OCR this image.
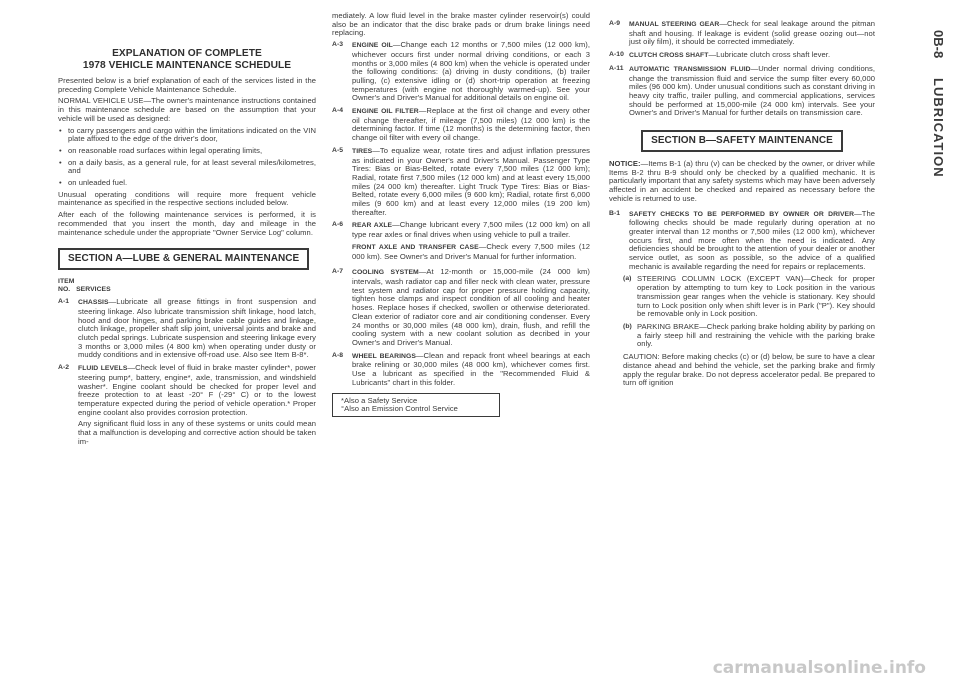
0B-8
LUBRICATION
EXPLANATION OF COMPLETE
1978 VEHICLE MAINTENANCE SCHEDULE

Presented below is a brief explanation of each of the services listed in the preceding Complete Vehicle Maintenance Schedule.

NORMAL VEHICLE USE—The owner's maintenance instructions contained in this maintenance schedule are based on the assumption that your vehicle will be used as designed:

• to carry passengers and cargo within the limitations indicated on the VIN plate affixed to the edge of the driver's door,
• on reasonable road surfaces within legal operating limits,
• on a daily basis, as a general rule, for at least several miles/kilometres, and
• on unleaded fuel.

Unusual operating conditions will require more frequent vehicle maintenance as specified in the respective sections included below.

After each of the following maintenance services is performed, it is recommended that you insert the month, day and mileage in the maintenance schedule under the appropriate "Owner Service Log" column.

SECTION A—LUBE & GENERAL MAINTENANCE
ITEM
NO. SERVICES
A-1	CHASSIS—Lubricate all grease fittings in front suspension and steering linkage. Also lubricate transmission shift linkage, hood latch, hood and door hinges, and parking brake cable guides and linkage, clutch linkage, propeller shaft slip joint, universal joints and brake and clutch pedal springs. Lubricate suspension and steering linkage every 3 months or 3,000 miles (4 800 km) when operating under dusty or muddy conditions and in extensive off-road use. Also see Item B-8*.
A-2	FLUID LEVELS—Check level of fluid in brake master cylinder*, power steering pump*, battery, engine*, axle, transmission, and windshield washer*. Engine coolant should be checked for proper level and freeze protection to at least -20° F (-29° C) or to the lowest temperature expected during the period of vehicle operation.* Proper engine coolant also provides corrosion protection.

Any significant fluid loss in any of these systems or units could mean that a malfunction is developing and corrective action should be taken im-

mediately. A low fluid level in the brake master cylinder reservoir(s) could also be an indicator that the disc brake pads or drum brake linings need replacing.

A-3	ENGINE OIL—Change each 12 months or 7,500 miles (12 000 km), whichever occurs first under normal driving conditions, or each 3 months or 3,000 miles (4 800 km) when the vehicle is operated under the following conditions: (a) driving in dusty conditions, (b) trailer pulling, (c) extensive idling or (d) short-trip operation at freezing temperatures (with engine not thoroughly warmed-up). See your Owner's and Driver's Manual for additional details on engine oil.
A-4	ENGINE OIL FILTER—Replace at the first oil change and every other oil change thereafter, if mileage (7,500 miles) (12 000 km) is the determining factor. If time (12 months) is the determining factor, then change oil filter with every oil change.
A-5	TIRES—To equalize wear, rotate tires and adjust inflation pressures as indicated in your Owner's and Driver's Manual. Passenger Type Tires: Bias or Bias-Belted, rotate every 7,500 miles (12 000 km); Radial, rotate first 7,500 miles (12 000 km) and at least every 15,000 miles (24 000 km) thereafter. Light Truck Type Tires: Bias or Bias-Belted, rotate every 6,000 miles (9 600 km); Radial, rotate first 6,000 miles (9 600 km) and at least every 12,000 miles (19 200 km) thereafter.
A-6	REAR AXLE—Change lubricant every 7,500 miles (12 000 km) on all type rear axles or final drives when using vehicle to pull a trailer.

FRONT AXLE AND TRANSFER CASE—Check every 7,500 miles (12 000 km). See Owner's and Driver's Manual for further information.

A-7	COOLING SYSTEM—At 12-month or 15,000-mile (24 000 km) intervals, wash radiator cap and filler neck with clean water, pressure test system and radiator cap for proper pressure holding capacity, tighten hose clamps and inspect condition of all cooling and heater hoses. Replace hoses if checked, swollen or otherwise deteriorated. Clean exterior of radiator core and air conditioning condenser. Every 24 months or 30,000 miles (48 000 km), drain, flush, and refill the cooling system with a new coolant solution as decribed in your Owner's and Driver's Manual.
A-8	WHEEL BEARINGS—Clean and repack front wheel bearings at each brake relining or 30,000 miles (48 000 km), whichever comes first. Use a lubricant as specified in the "Recommended Fluid & Lubricants" chart in this folder.
*Also a Safety Service
°Also an Emission Control Service
A-9	MANUAL STEERING GEAR—Check for seal leakage around the pitman shaft and housing. If leakage is evident (solid grease oozing out—not just oily film), it should be corrected immediately.
A-10 CLUTCH CROSS SHAFT—Lubricate clutch cross shaft lever.
A-11 AUTOMATIC TRANSMISSION FLUID—Under normal driving conditions, change the transmission fluid and service the sump filter every 60,000 miles (96 000 km). Under unusual conditions such as constant driving in heavy city traffic, trailer pulling, and commercial applications, services should be performed at 15,000-mile (24 000 km) intervals. See your Owner's and Driver's Manual for further details on transmission care.
SECTION B—SAFETY MAINTENANCE

NOTICE:—Items B-1 (a) thru (v) can be checked by the owner, or driver while Items B-2 thru B-9 should only be checked by a qualified mechanic. It is particularly important that any safety systems which may have been adversely affected in an accident be checked and repaired as necessary before the vehicle is returned to use.

B-1	SAFETY CHECKS TO BE PERFORMED BY OWNER OR DRIVER—The following checks should be made regularly during operation at no greater interval than 12 months or 7,500 miles (12 000 km), whichever occurs first, and more often when the need is indicated. Any deficiencies should be brought to the attention of your dealer or another service outlet, as soon as possible, so the advice of a qualified mechanic is available regarding the need for repairs or replacements.
(a) STEERING COLUMN LOCK (EXCEPT VAN)—Check for proper operation by attempting to turn key to Lock position in the various transmission gear ranges when the vehicle is stationary. Key should turn to Lock position only when shift lever is in Park ("P"). Key should be removable only in Lock position.
(b) PARKING BRAKE—Check parking brake holding ability by parking on a fairly steep hill and restraining the vehicle with the parking brake only.

CAUTION: Before making checks (c) or (d) below, be sure to have a clear distance ahead and behind the vehicle, set the parking brake and firmly apply the regular brake. Do not depress accelerator pedal. Be prepared to turn off ignition

carmanualsonline.info
